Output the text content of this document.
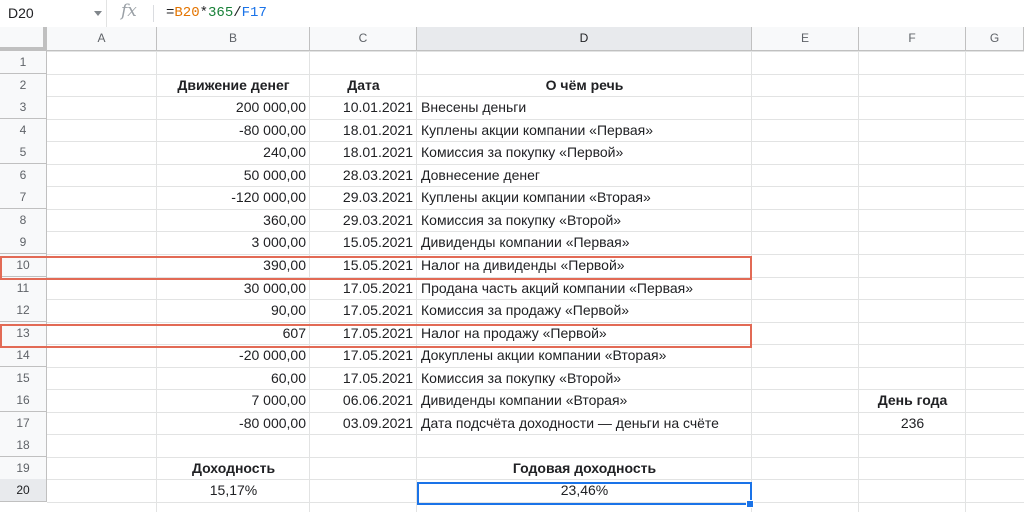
D20	fx =B20*365/F17
A	B	C	D	E	F	G
1
2
3
4
5
6
7
8
9
10
11
12
13
14
15
16
17
18
19
20
Движение денег	Дата	О чём речь
200 000,00	10.01.2021 Внесены деньги
-80 000,00	18.01.2021 Куплены акции компании «Первая»
240,00	18.01.2021 Комиссия за покупку «Первой»
50 000,00	28.03.2021 Довнесение денег
-120 000,00	29.03.2021 Куплены акции компании «Вторая»
360,00	29.03.2021 Комиссия за покупку «Второй»
3 000,00	15.05.2021 Дивиденды компании «Первая»
390,00	15.05.2021 Налог на дивиденды «Первой»
30 000,00	17.05.2021 Продана часть акций компании «Первая»
90,00	17.05.2021 Комиссия за продажу «Первой»
607	17.05.2021 Налог на продажу «Первой»
-20 000,00	17.05.2021 Докуплены акции компании «Вторая»
60,00	17.05.2021 Комиссия за покупку «Второй»
7 000,00	06.06.2021 Дивиденды компании «Вторая»
-80 000,00	03.09.2021 Дата подсчёта доходности — деньги на счёте
День года
236
Доходность
15,17%
Годовая доходность
23,46%
